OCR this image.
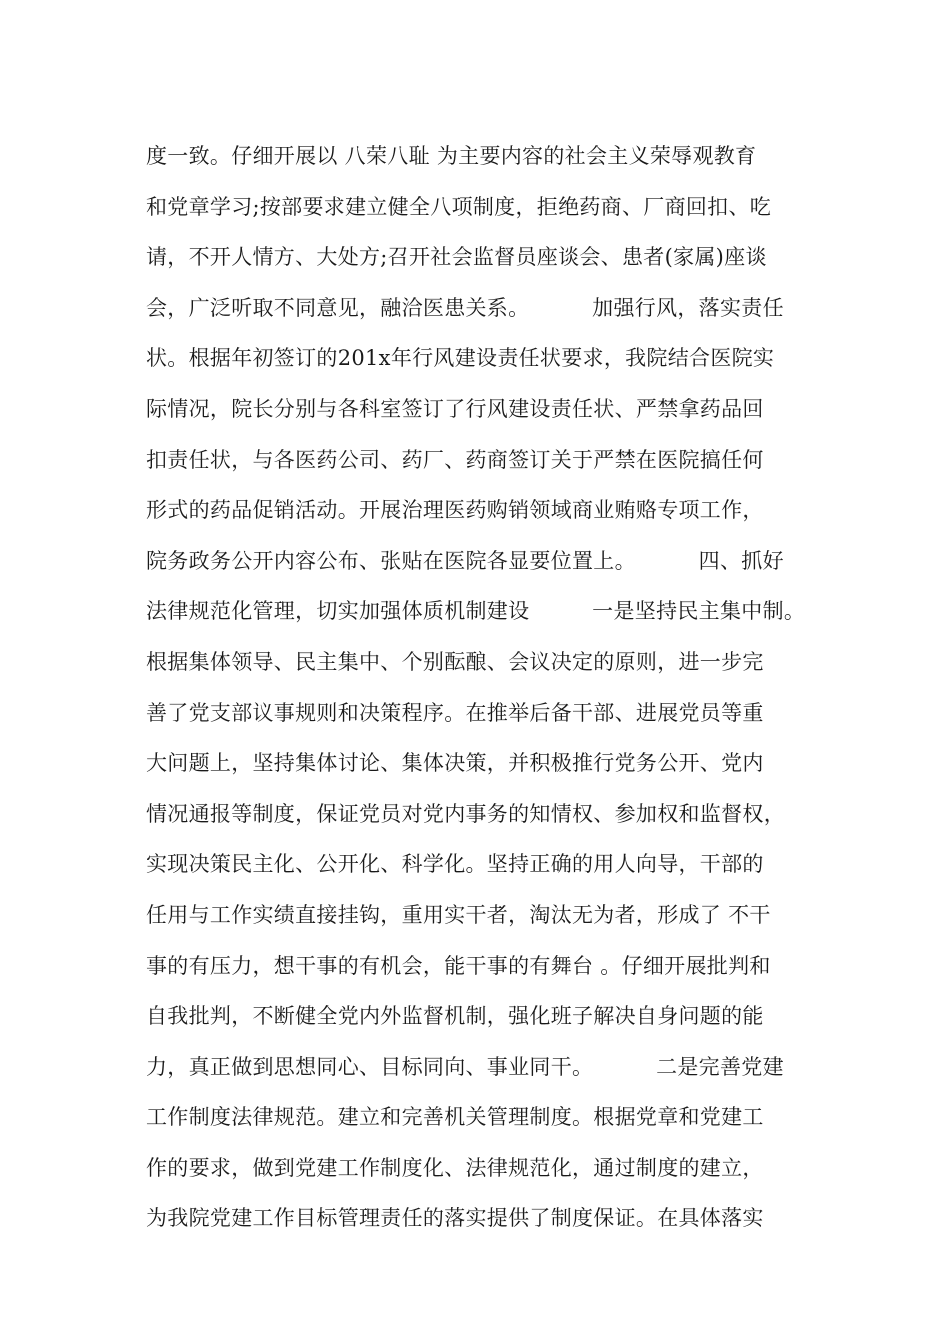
度一致。仔细开展以 八荣八耻 为主要内容的社会主义荣辱观教育
和党章学习;按部要求建立健全八项制度，拒绝药商、厂商回扣、吃
请，不开人情方、大处方;召开社会监督员座谈会、患者(家属)座谈
会，广泛听取不同意见，融洽医患关系。         加强行风，落实责任
状。根据年初签订的201x年行风建设责任状要求，我院结合医院实
际情况，院长分别与各科室签订了行风建设责任状、严禁拿药品回
扣责任状，与各医药公司、药厂、药商签订关于严禁在医院搞任何
形式的药品促销活动。开展治理医药购销领域商业贿赂专项工作，
院务政务公开内容公布、张贴在医院各显要位置上。         四、抓好
法律规范化管理，切实加强体质机制建设         一是坚持民主集中制。
根据集体领导、民主集中、个别酝酿、会议决定的原则，进一步完
善了党支部议事规则和决策程序。在推举后备干部、进展党员等重
大问题上，坚持集体讨论、集体决策，并积极推行党务公开、党内
情况通报等制度，保证党员对党内事务的知情权、参加权和监督权，
实现决策民主化、公开化、科学化。坚持正确的用人向导，干部的
任用与工作实绩直接挂钩，重用实干者，淘汰无为者，形成了 不干
事的有压力，想干事的有机会，能干事的有舞台 。仔细开展批判和
自我批判，不断健全党内外监督机制，强化班子解决自身问题的能
力，真正做到思想同心、目标同向、事业同干。         二是完善党建
工作制度法律规范。建立和完善机关管理制度。根据党章和党建工
作的要求，做到党建工作制度化、法律规范化，通过制度的建立，
为我院党建工作目标管理责任的落实提供了制度保证。在具体落实
